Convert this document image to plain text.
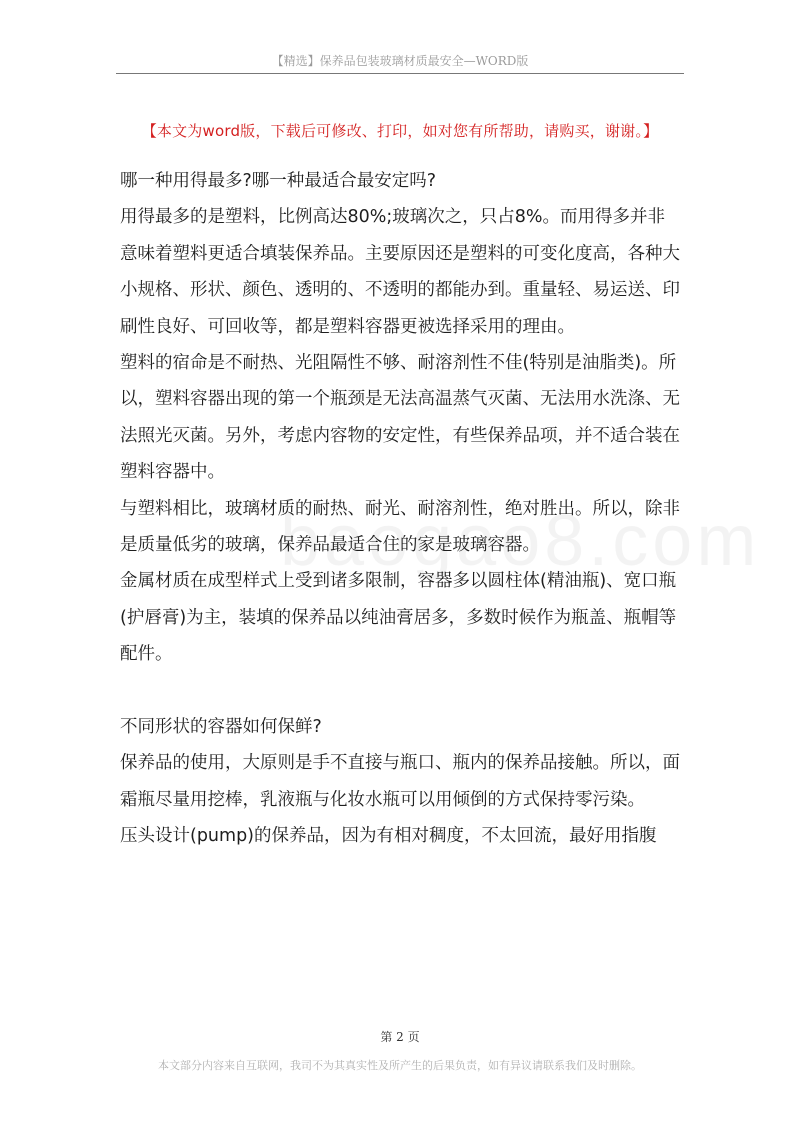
【精选】保养品包装玻璃材质最安全—WORD版
【本文为word版，下载后可修改、打印，如对您有所帮助，请购买，谢谢。】

哪一种用得最多?哪一种最适合最安定吗?

用得最多的是塑料，比例高达80%;玻璃次之，只占8%。而用得多并非意味着塑料更适合填装保养品。主要原因还是塑料的可变化度高，各种大小规格、形状、颜色、透明的、不透明的都能办到。重量轻、易运送、印刷性良好、可回收等，都是塑料容器更被选择采用的理由。

塑料的宿命是不耐热、光阻隔性不够、耐溶剂性不佳(特别是油脂类)。所以，塑料容器出现的第一个瓶颈是无法高温蒸气灭菌、无法用水洗涤、无法照光灭菌。另外，考虑内容物的安定性，有些保养品项，并不适合装在塑料容器中。

与塑料相比，玻璃材质的耐热、耐光、耐溶剂性，绝对胜出。所以，除非是质量低劣的玻璃，保养品最适合住的家是玻璃容器。

金属材质在成型样式上受到诸多限制，容器多以圆柱体(精油瓶)、宽口瓶(护唇膏)为主，装填的保养品以纯油膏居多，多数时候作为瓶盖、瓶帽等配件。

不同形状的容器如何保鲜?

保养品的使用，大原则是手不直接与瓶口、瓶内的保养品接触。所以，面霜瓶尽量用挖棒，乳液瓶与化妆水瓶可以用倾倒的方式保持零污染。

压头设计(pump)的保养品，因为有相对稠度，不太回流，最好用指腹

第 2 页
本文部分内容来自互联网，我司不为其真实性及所产生的后果负责，如有异议请联系我们及时删除。
